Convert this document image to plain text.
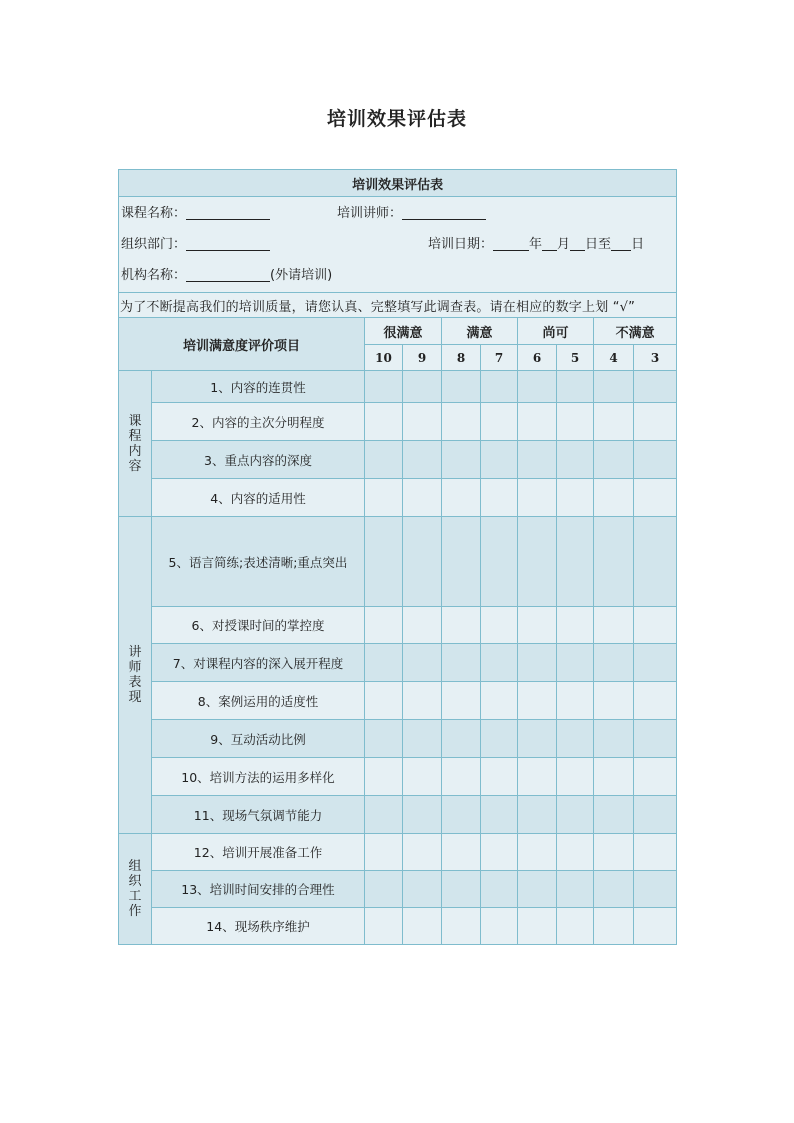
培训效果评估表
培训效果评估表									

课程名称： 培训讲师：
组织部门： 培训日期： 年 月 日至 日
机构名称： (外请培训)									

为了不断提高我们的培训质量，请您认真、完整填写此调查表。请在相应的数字上划 “√”									
培训满意度评价项目		很满意		满意		尚可		不满意	
		10	9	8	7	6	5	4	3
课程内容	1、内容的连贯性								
	2、内容的主次分明程度								
	3、重点内容的深度								
	4、内容的适用性								
讲师表现	5、语言简练;表述清晰;重点突出								
	6、对授课时间的掌控度								
	7、对课程内容的深入展开程度								
	8、案例运用的适度性								
	9、互动活动比例								
	10、培训方法的运用多样化								
	11、现场气氛调节能力								
组织工作	12、培训开展准备工作								
	13、培训时间安排的合理性								
	14、现场秩序维护								
